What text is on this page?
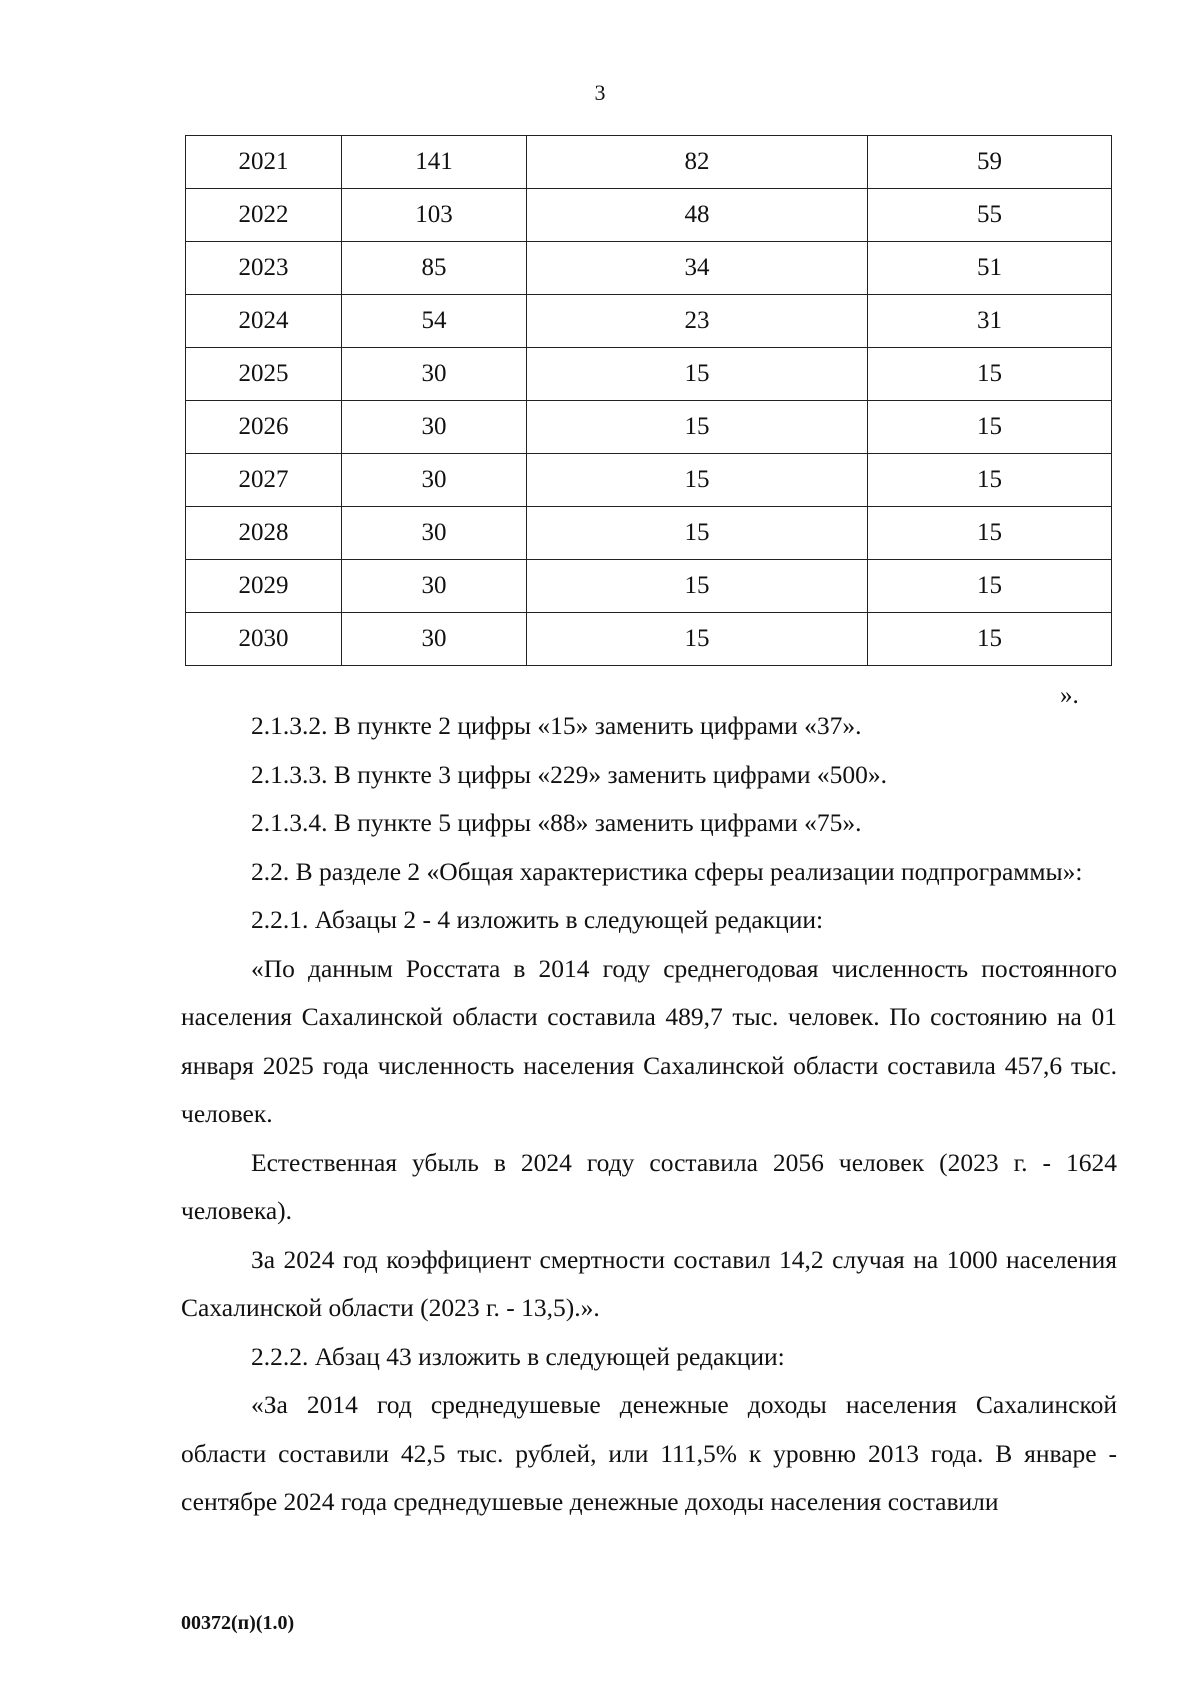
3
2021	141	82	59
2022	103	48	55
2023	85	34	51
2024	54	23	31
2025	30	15	15
2026	30	15	15
2027	30	15	15
2028	30	15	15
2029	30	15	15
2030	30	15	15
».

2.1.3.2. В пункте 2 цифры «15» заменить цифрами «37».

2.1.3.3. В пункте 3 цифры «229» заменить цифрами «500».

2.1.3.4. В пункте 5 цифры «88» заменить цифрами «75».

2.2. В разделе 2 «Общая характеристика сферы реализации подпрограммы»:

2.2.1. Абзацы 2 - 4 изложить в следующей редакции:

«По данным Росстата в 2014 году среднегодовая численность постоянного населения Сахалинской области составила 489,7 тыс. человек. По состоянию на 01 января 2025 года численность населения Сахалинской области составила 457,6 тыс. человек.

Естественная убыль в 2024 году составила 2056 человек (2023 г. - 1624 человека).

За 2024 год коэффициент смертности составил 14,2 случая на 1000 населения Сахалинской области (2023 г. - 13,5).».

2.2.2. Абзац 43 изложить в следующей редакции:

«За 2014 год среднедушевые денежные доходы населения Сахалинской области составили 42,5 тыс. рублей, или 111,5% к уровню 2013 года. В январе - сентябре 2024 года среднедушевые денежные доходы населения составили

00372(п)(1.0)
